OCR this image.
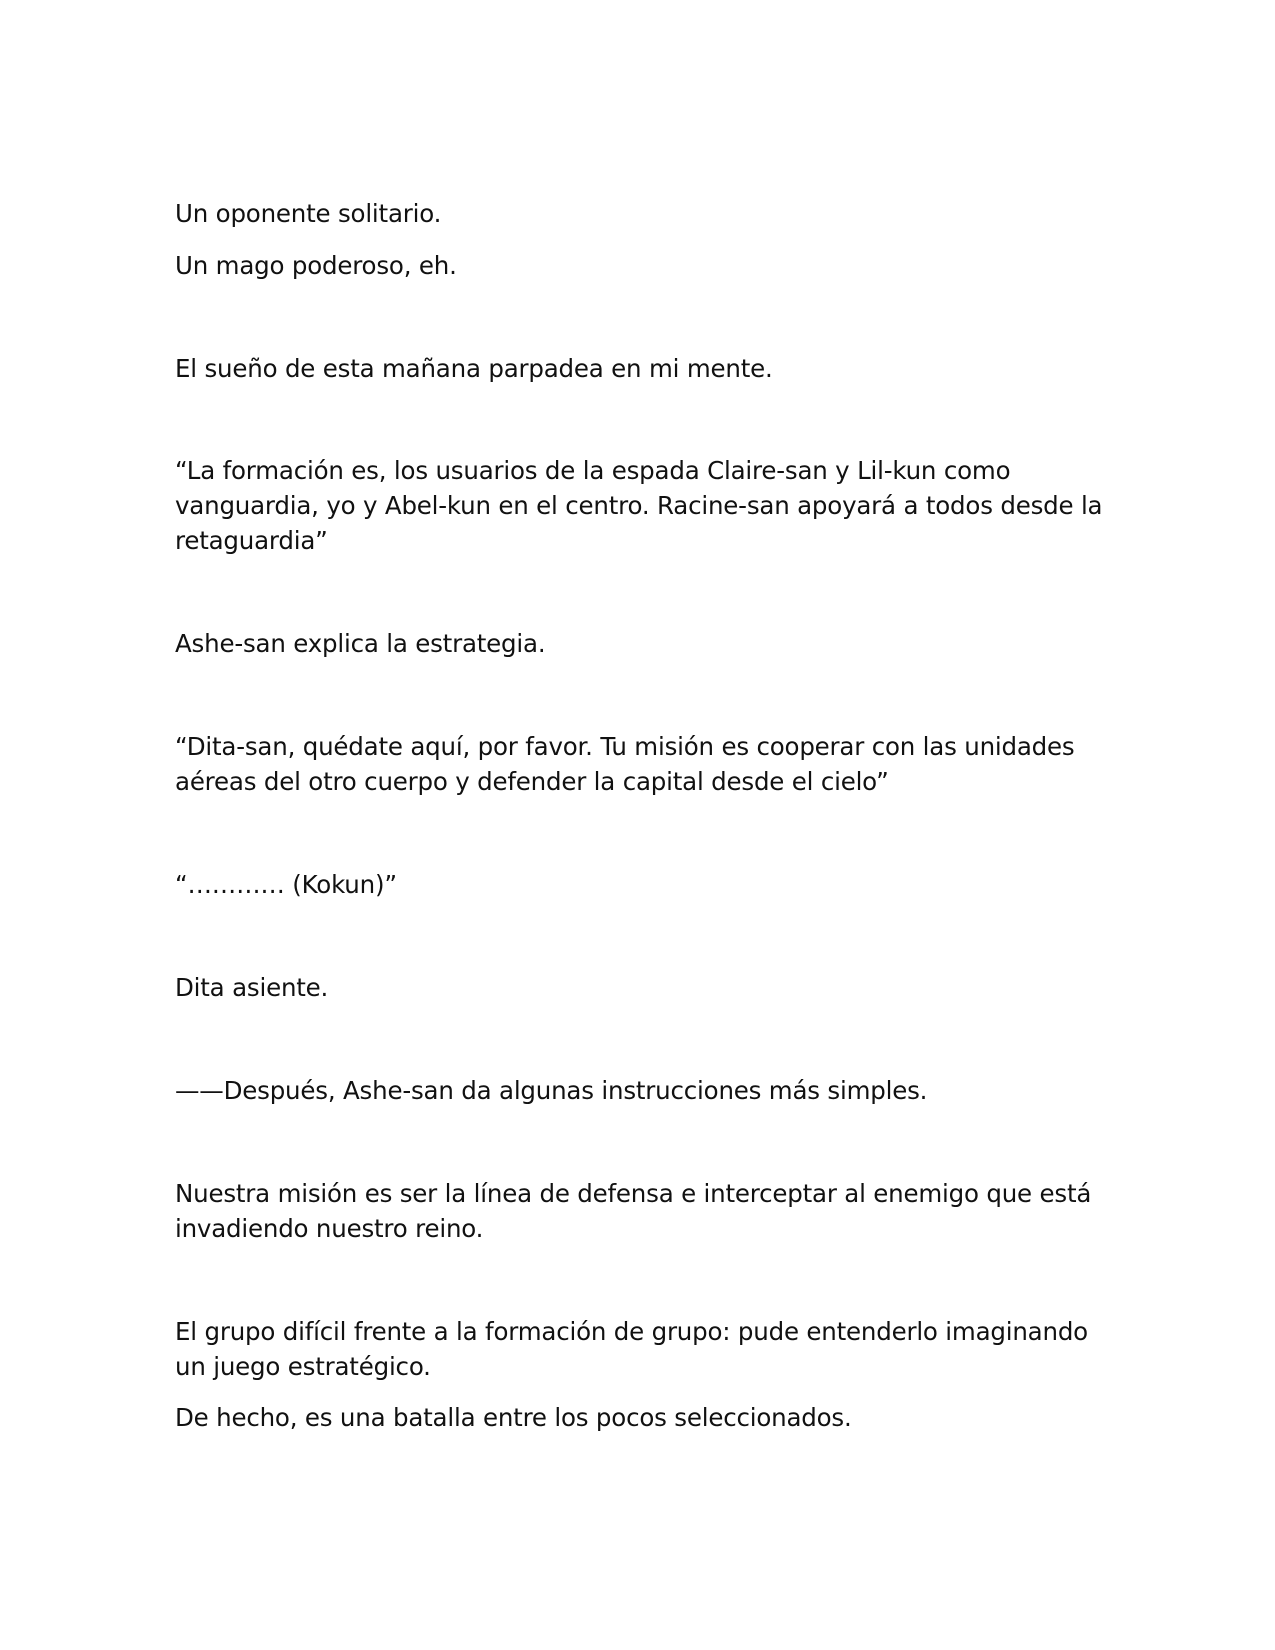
Un oponente solitario.

Un mago poderoso, eh.

El sueño de esta mañana parpadea en mi mente.

“La formación es, los usuarios de la espada Claire-san y Lil-kun como vanguardia, yo y Abel-kun en el centro. Racine-san apoyará a todos desde la retaguardia”

Ashe-san explica la estrategia.

“Dita-san, quédate aquí, por favor. Tu misión es cooperar con las unidades aéreas del otro cuerpo y defender la capital desde el cielo”

“………… (Kokun)”

Dita asiente.

——Después, Ashe-san da algunas instrucciones más simples.

Nuestra misión es ser la línea de defensa e interceptar al enemigo que está invadiendo nuestro reino.

El grupo difícil frente a la formación de grupo: pude entenderlo imaginando un juego estratégico.

De hecho, es una batalla entre los pocos seleccionados.
